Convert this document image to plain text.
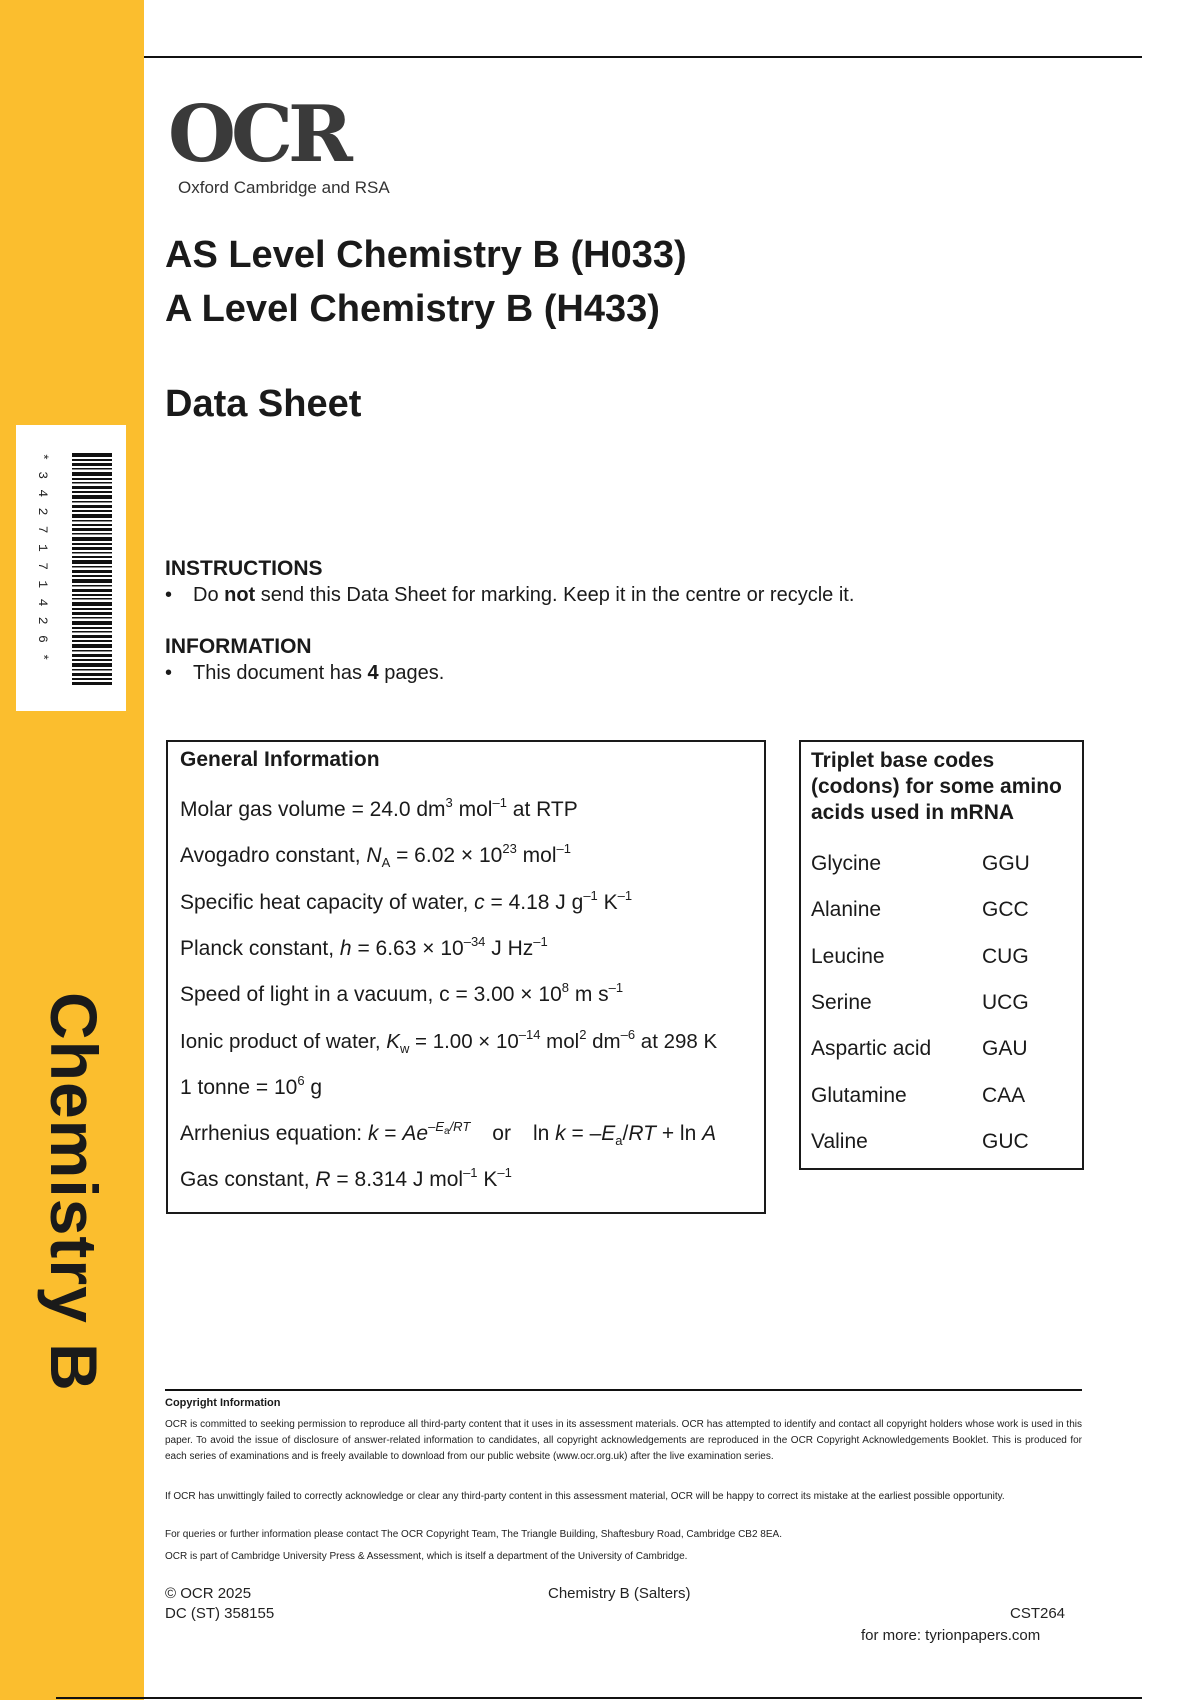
*3427171426*
Chemistry B
OCR
Oxford Cambridge and RSA
AS Level Chemistry B (H033)
A Level Chemistry B (H433)
Data Sheet
INSTRUCTIONS
• Do not send this Data Sheet for marking. Keep it in the centre or recycle it.
INFORMATION
• This document has 4 pages.
General Information
Molar gas volume = 24.0 $dm^3$ mol$^{-1}$ at RTP
Avogadro constant, $N_A = 6.02 \times 10^{23}$ mol$^{-1}$
Specific heat capacity of water, c = 4.18 J $g^{-1}$ $K^{-1}$
Planck constant, $h = 6.63 \times 10^{-34}$ J $Hz^{-1}$
Speed of light in a vacuum, $c = 3.00 \times 10^8$ m $s^{-1}$
Ionic product of water, $K_w = 1.00 \times 10^{-14}$ mol$^2$ $dm^{-6}$ at 298 K
1 tonne = $10^6$ g
Arrhenius equation: $k = Ae^{-E_a/RT}$ or $\ln k = -E_a/RT + \ln A$
Gas constant, R = 8.314 J mol$^{-1}$ $K^{-1}$
Triplet base codes (codons) for some amino acids used in mRNA
Glycine	GGU
Alanine	GCC
Leucine	CUG
Serine	UCG
Aspartic acid GAU
Glutamine	CAA
Valine	GUC
Copyright Information
OCR is committed to seeking permission to reproduce all third-party content that it uses in its assessment materials. OCR has attempted to identify and contact all copyright holders whose work is used in this paper. To avoid the issue of disclosure of answer-related information to candidates, all copyright acknowledgements are reproduced in the OCR Copyright Acknowledgements Booklet. This is produced for each series of examinations and is freely available to download from our public website (www.ocr.org.uk) after the live examination series.
If OCR has unwittingly failed to correctly acknowledge or clear any third-party content in this assessment material, OCR will be happy to correct its mistake at the earliest possible opportunity.
For queries or further information please contact The OCR Copyright Team, The Triangle Building, Shaftesbury Road, Cambridge CB2 8EA.
OCR is part of Cambridge University Press & Assessment, which is itself a department of the University of Cambridge.
© OCR 2025
DC (ST) 358155
Chemistry B (Salters)
CST264
for more: tyrionpapers.com
